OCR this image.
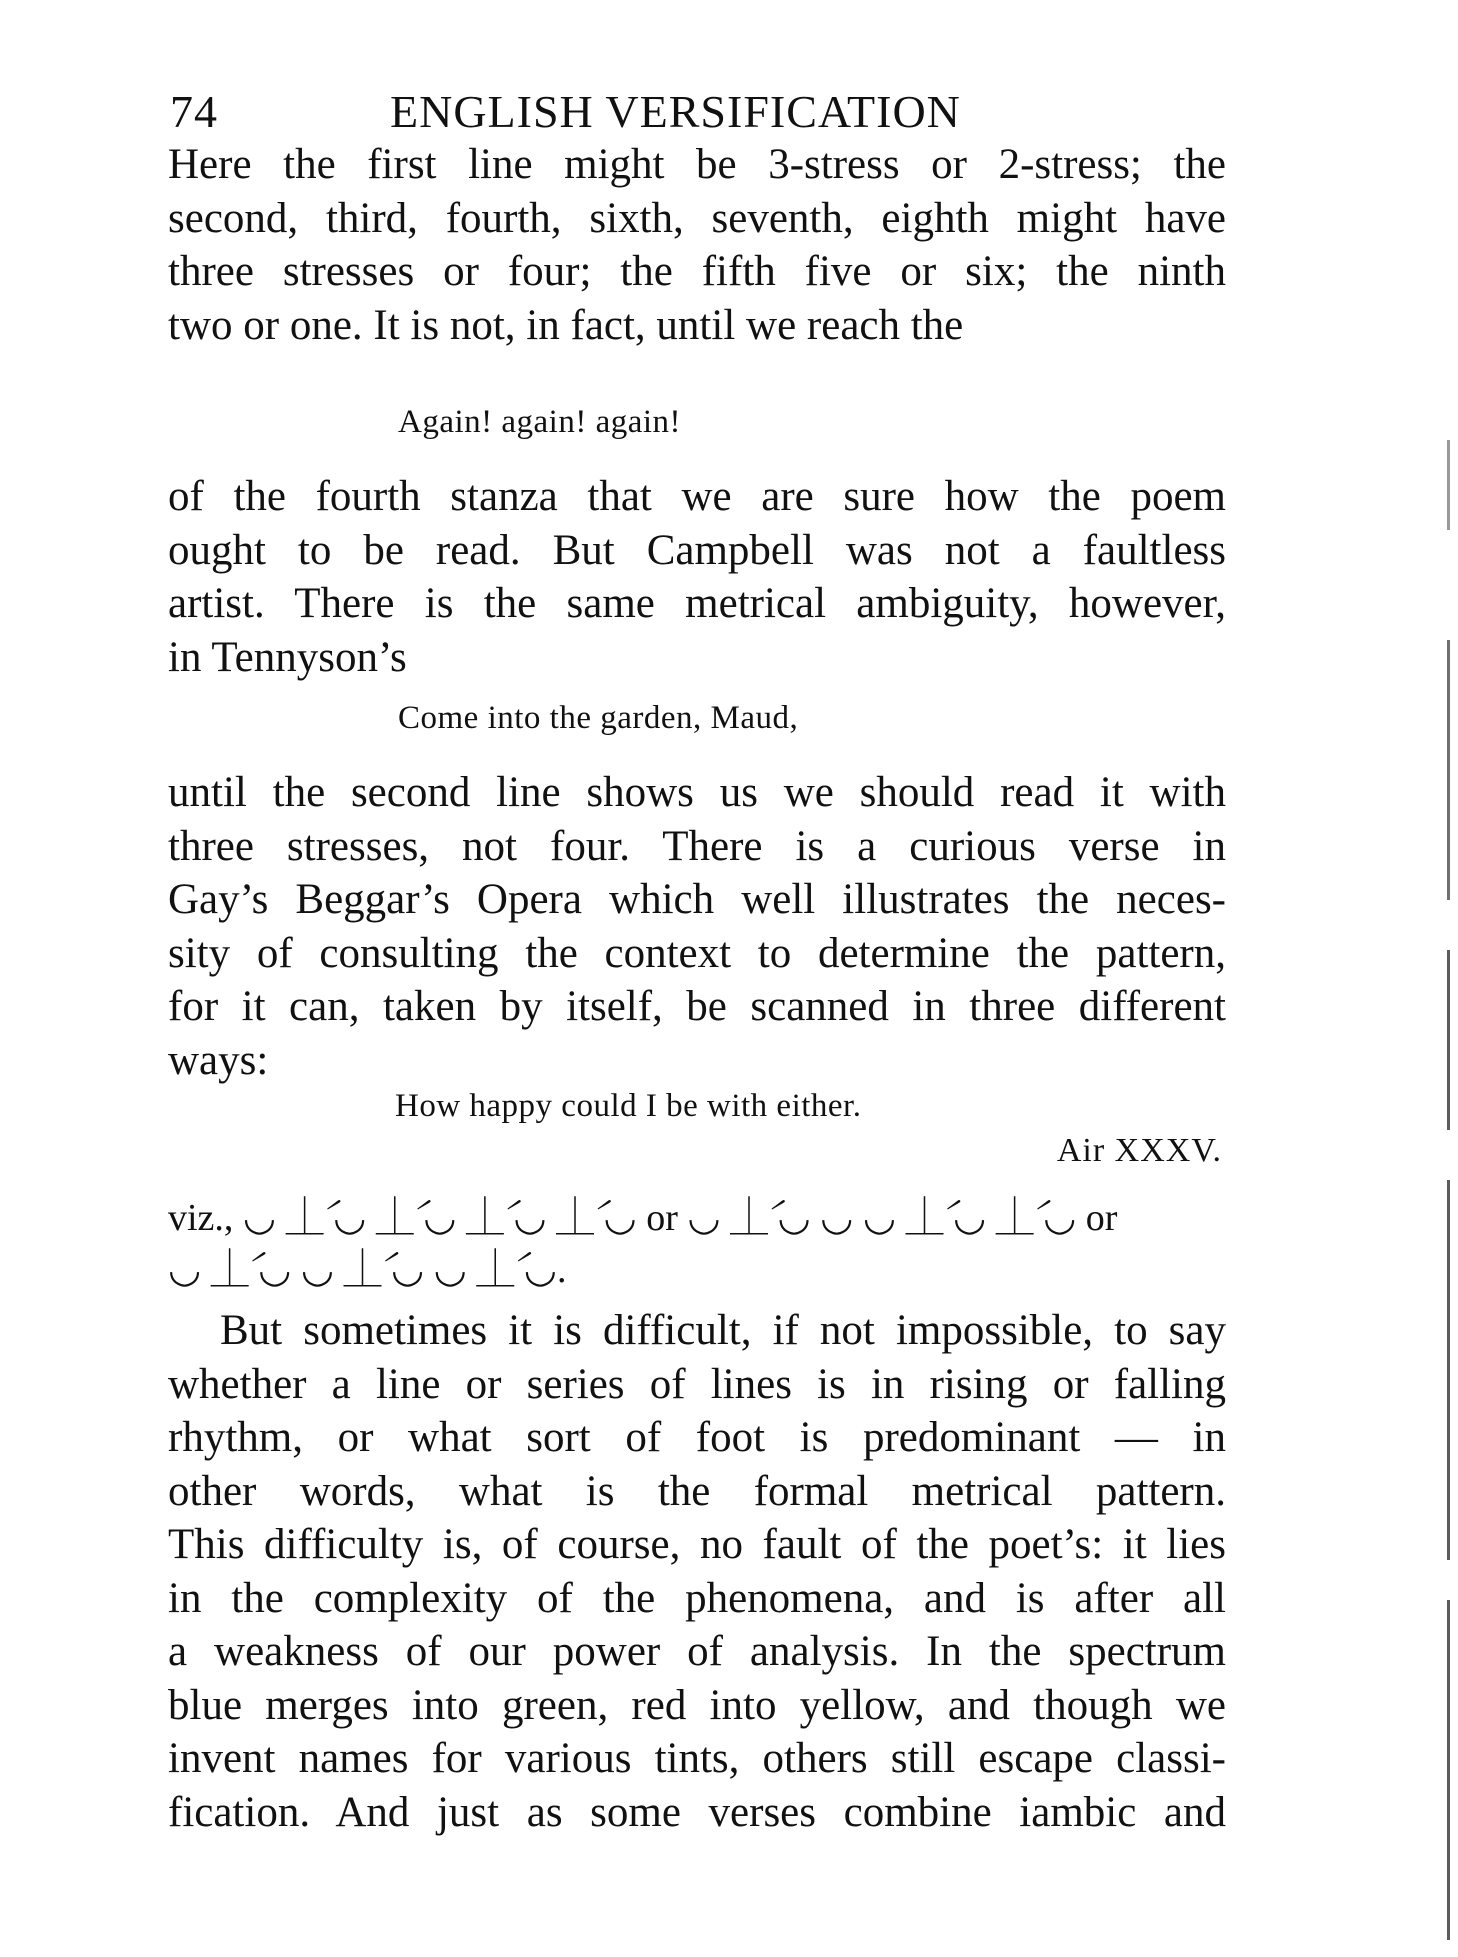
74	ENGLISH VERSIFICATION
Here the first line might be 3-stress or 2-stress; the
second, third, fourth, sixth, seventh, eighth might have
three stresses or four; the fifth five or six; the ninth
two or one. It is not, in fact, until we reach the
Again! again! again!
of the fourth stanza that we are sure how the poem
ought to be read. But Campbell was not a faultless
artist. There is the same metrical ambiguity, however,
in Tennyson’s
Come into the garden, Maud,
until the second line shows us we should read it with
three stresses, not four. There is a curious verse in
Gay’s Beggar’s Opera which well illustrates the neces-
sity of consulting the context to determine the pattern,
for it can, taken by itself, be scanned in three different
ways:
How happy could I be with either.
Air XXXV.
viz., ◡ ⏊́ ◡ ⏊́ ◡ ⏊́ ◡ ⏊́ ◡ or ◡ ⏊́ ◡ ◡ ◡ ⏊́ ◡ ⏊́ ◡ or
◡ ⏊́ ◡ ◡ ⏊́ ◡ ◡ ⏊́ ◡.
But sometimes it is difficult, if not impossible, to say
whether a line or series of lines is in rising or falling
rhythm, or what sort of foot is predominant — in
other words, what is the formal metrical pattern.
This difficulty is, of course, no fault of the poet’s: it lies
in the complexity of the phenomena, and is after all
a weakness of our power of analysis. In the spectrum
blue merges into green, red into yellow, and though we
invent names for various tints, others still escape classi-
fication. And just as some verses combine iambic and
